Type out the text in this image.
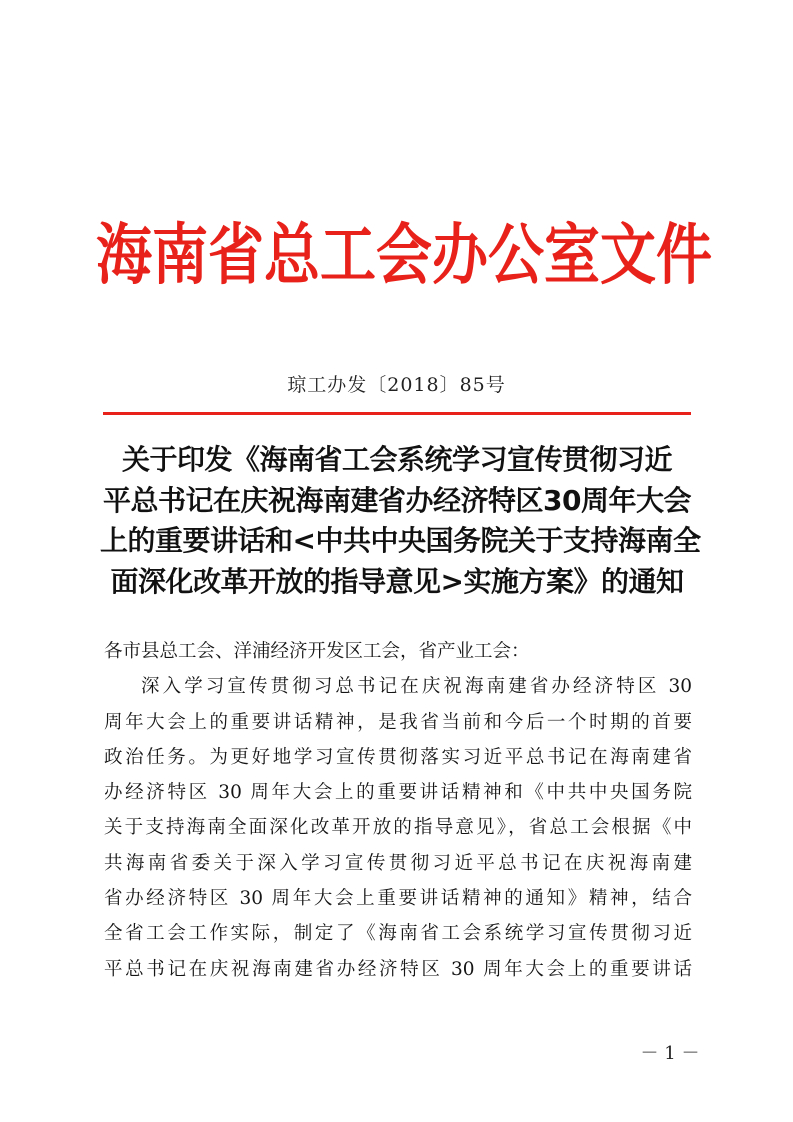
海南省总工会办公室文件
琼工办发〔2018〕85号
关于印发《海南省工会系统学习宣传贯彻习近
平总书记在庆祝海南建省办经济特区30周年大会
上的重要讲话和<中共中央国务院关于支持海南全
面深化改革开放的指导意见>实施方案》的通知
各市县总工会、洋浦经济开发区工会，省产业工会：
深入学习宣传贯彻习总书记在庆祝海南建省办经济特区 30
周年大会上的重要讲话精神，是我省当前和今后一个时期的首要
政治任务。为更好地学习宣传贯彻落实习近平总书记在海南建省
办经济特区 30 周年大会上的重要讲话精神和《中共中央国务院
关于支持海南全面深化改革开放的指导意见》，省总工会根据《中
共海南省委关于深入学习宣传贯彻习近平总书记在庆祝海南建
省办经济特区 30 周年大会上重要讲话精神的通知》精神，结合
全省工会工作实际，制定了《海南省工会系统学习宣传贯彻习近
平总书记在庆祝海南建省办经济特区 30 周年大会上的重要讲话
－ 1 －
